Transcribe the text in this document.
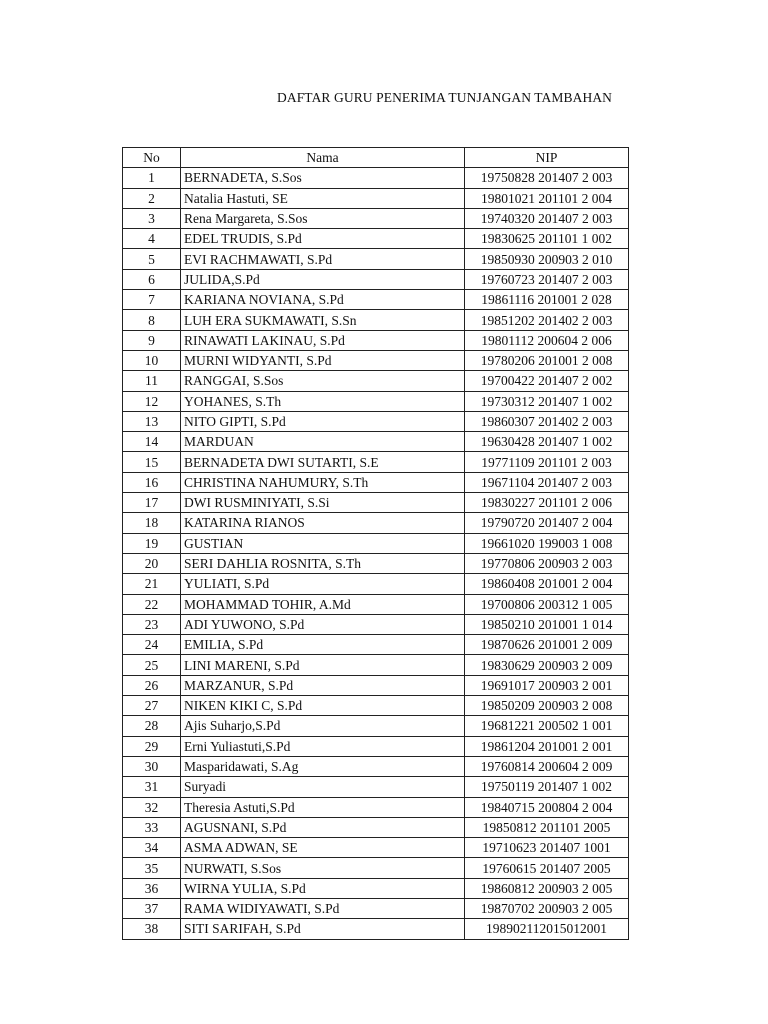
DAFTAR GURU PENERIMA TUNJANGAN TAMBAHAN
No	Nama	NIP
1	BERNADETA, S.Sos	19750828 201407 2 003
2	Natalia Hastuti, SE	19801021 201101 2 004
3	Rena Margareta, S.Sos	19740320 201407 2 003
4	EDEL TRUDIS, S.Pd	19830625 201101 1 002
5	EVI RACHMAWATI, S.Pd	19850930 200903 2 010
6	JULIDA,S.Pd	19760723 201407 2 003
7	KARIANA NOVIANA, S.Pd	19861116 201001 2 028
8	LUH ERA SUKMAWATI, S.Sn	19851202 201402 2 003
9	RINAWATI LAKINAU, S.Pd	19801112 200604 2 006
10	MURNI WIDYANTI, S.Pd	19780206 201001 2 008
11	RANGGAI, S.Sos	19700422 201407 2 002
12	YOHANES, S.Th	19730312 201407 1 002
13	NITO GIPTI, S.Pd	19860307 201402 2 003
14	MARDUAN	19630428 201407 1 002
15	BERNADETA DWI SUTARTI, S.E	19771109 201101 2 003
16	CHRISTINA NAHUMURY, S.Th	19671104 201407 2 003
17	DWI RUSMINIYATI, S.Si	19830227 201101 2 006
18	KATARINA RIANOS	19790720 201407 2 004
19	GUSTIAN	19661020 199003 1 008
20	SERI DAHLIA ROSNITA, S.Th	19770806 200903 2 003
21	YULIATI, S.Pd	19860408 201001 2 004
22	MOHAMMAD TOHIR, A.Md	19700806 200312 1 005
23	ADI YUWONO, S.Pd	19850210 201001 1 014
24	EMILIA, S.Pd	19870626 201001 2 009
25	LINI MARENI, S.Pd	19830629 200903 2 009
26	MARZANUR, S.Pd	19691017 200903 2 001
27	NIKEN KIKI C, S.Pd	19850209 200903 2 008
28	Ajis Suharjo,S.Pd	19681221 200502 1 001
29	Erni Yuliastuti,S.Pd	19861204 201001 2 001
30	Masparidawati, S.Ag	19760814 200604 2 009
31	Suryadi	19750119 201407 1 002
32	Theresia Astuti,S.Pd	19840715 200804 2 004
33	AGUSNANI, S.Pd	19850812 201101 2005
34	ASMA ADWAN, SE	19710623 201407 1001
35	NURWATI, S.Sos	19760615 201407 2005
36	WIRNA YULIA, S.Pd	19860812 200903 2 005
37	RAMA WIDIYAWATI, S.Pd	19870702 200903 2 005
38	SITI SARIFAH, S.Pd	198902112015012001
